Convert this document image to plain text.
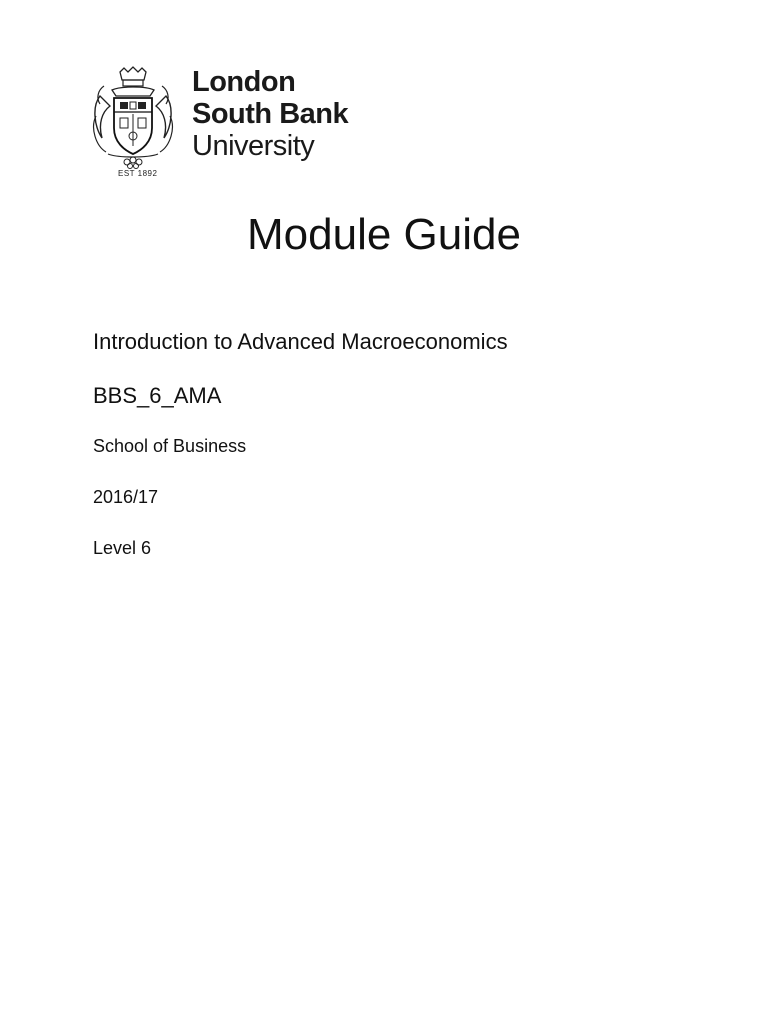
EST 1892
London
South Bank
University
Module Guide

Introduction to Advanced Macroeconomics

BBS_6_AMA

School of Business

2016/17

Level 6
